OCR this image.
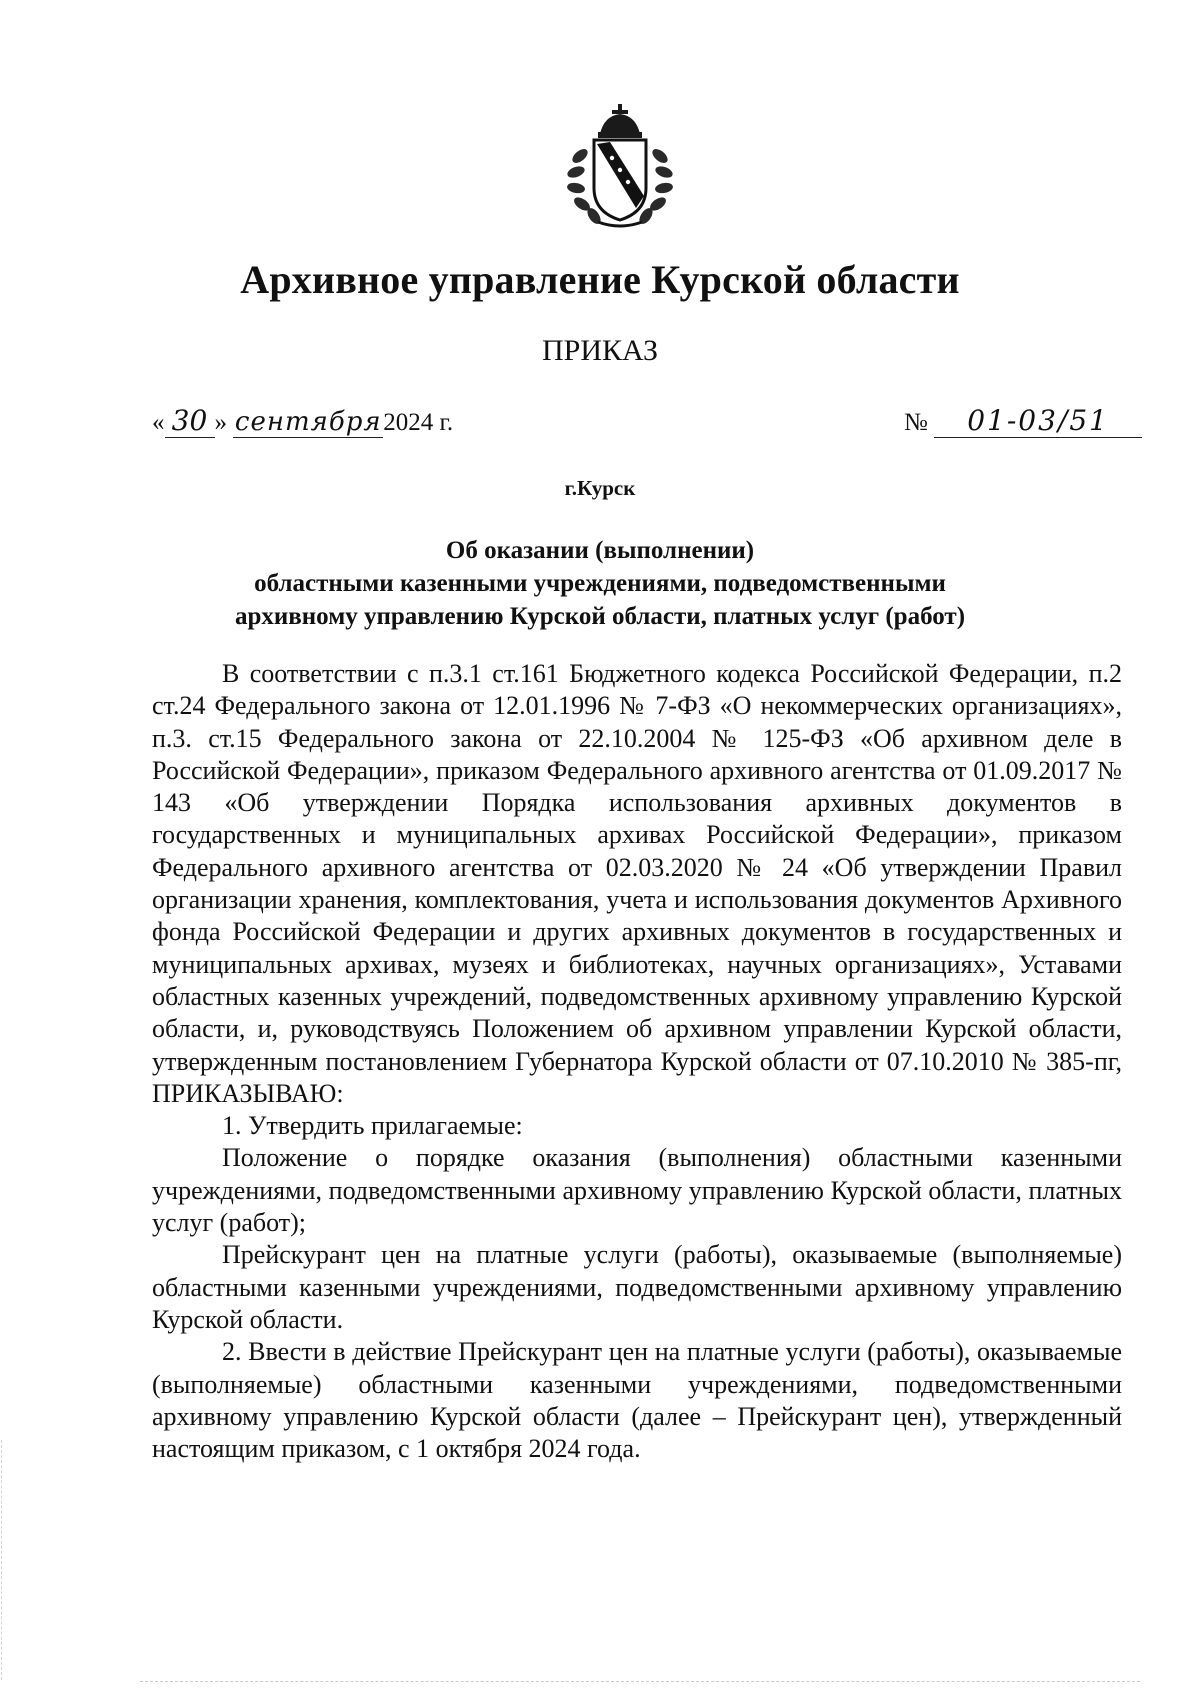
Архивное управление Курской области
ПРИКАЗ
« 30 » сентября2024 г.	№ 01-03/51
г.Курск
Об оказании (выполнении)
областными казенными учреждениями, подведомственными
архивному управлению Курской области, платных услуг (работ)

В соответствии с п.3.1 ст.161 Бюджетного кодекса Российской Федерации, п.2 ст.24 Федерального закона от 12.01.1996 № 7-ФЗ «О некоммерческих организациях», п.3. ст.15 Федерального закона от 22.10.2004 № 125-ФЗ «Об архивном деле в Российской Федерации», приказом Федерального архивного агентства от 01.09.2017 № 143 «Об утверждении Порядка использования архивных документов в государственных и муниципальных архивах Российской Федерации», приказом Федерального архивного агентства от 02.03.2020 № 24 «Об утверждении Правил организации хранения, комплектования, учета и использования документов Архивного фонда Российской Федерации и других архивных документов в государственных и муниципальных архивах, музеях и библиотеках, научных организациях», Уставами областных казенных учреждений, подведомственных архивному управлению Курской области, и, руководствуясь Положением об архивном управлении Курской области, утвержденным постановлением Губернатора Курской области от 07.10.2010 № 385-пг, ПРИКАЗЫВАЮ:

1. Утвердить прилагаемые:

Положение о порядке оказания (выполнения) областными казенными учреждениями, подведомственными архивному управлению Курской области, платных услуг (работ);

Прейскурант цен на платные услуги (работы), оказываемые (выполняемые) областными казенными учреждениями, подведомственными архивному управлению Курской области.

2. Ввести в действие Прейскурант цен на платные услуги (работы), оказываемые (выполняемые) областными казенными учреждениями, подведомственными архивному управлению Курской области (далее – Прейскурант цен), утвержденный настоящим приказом, с 1 октября 2024 года.
